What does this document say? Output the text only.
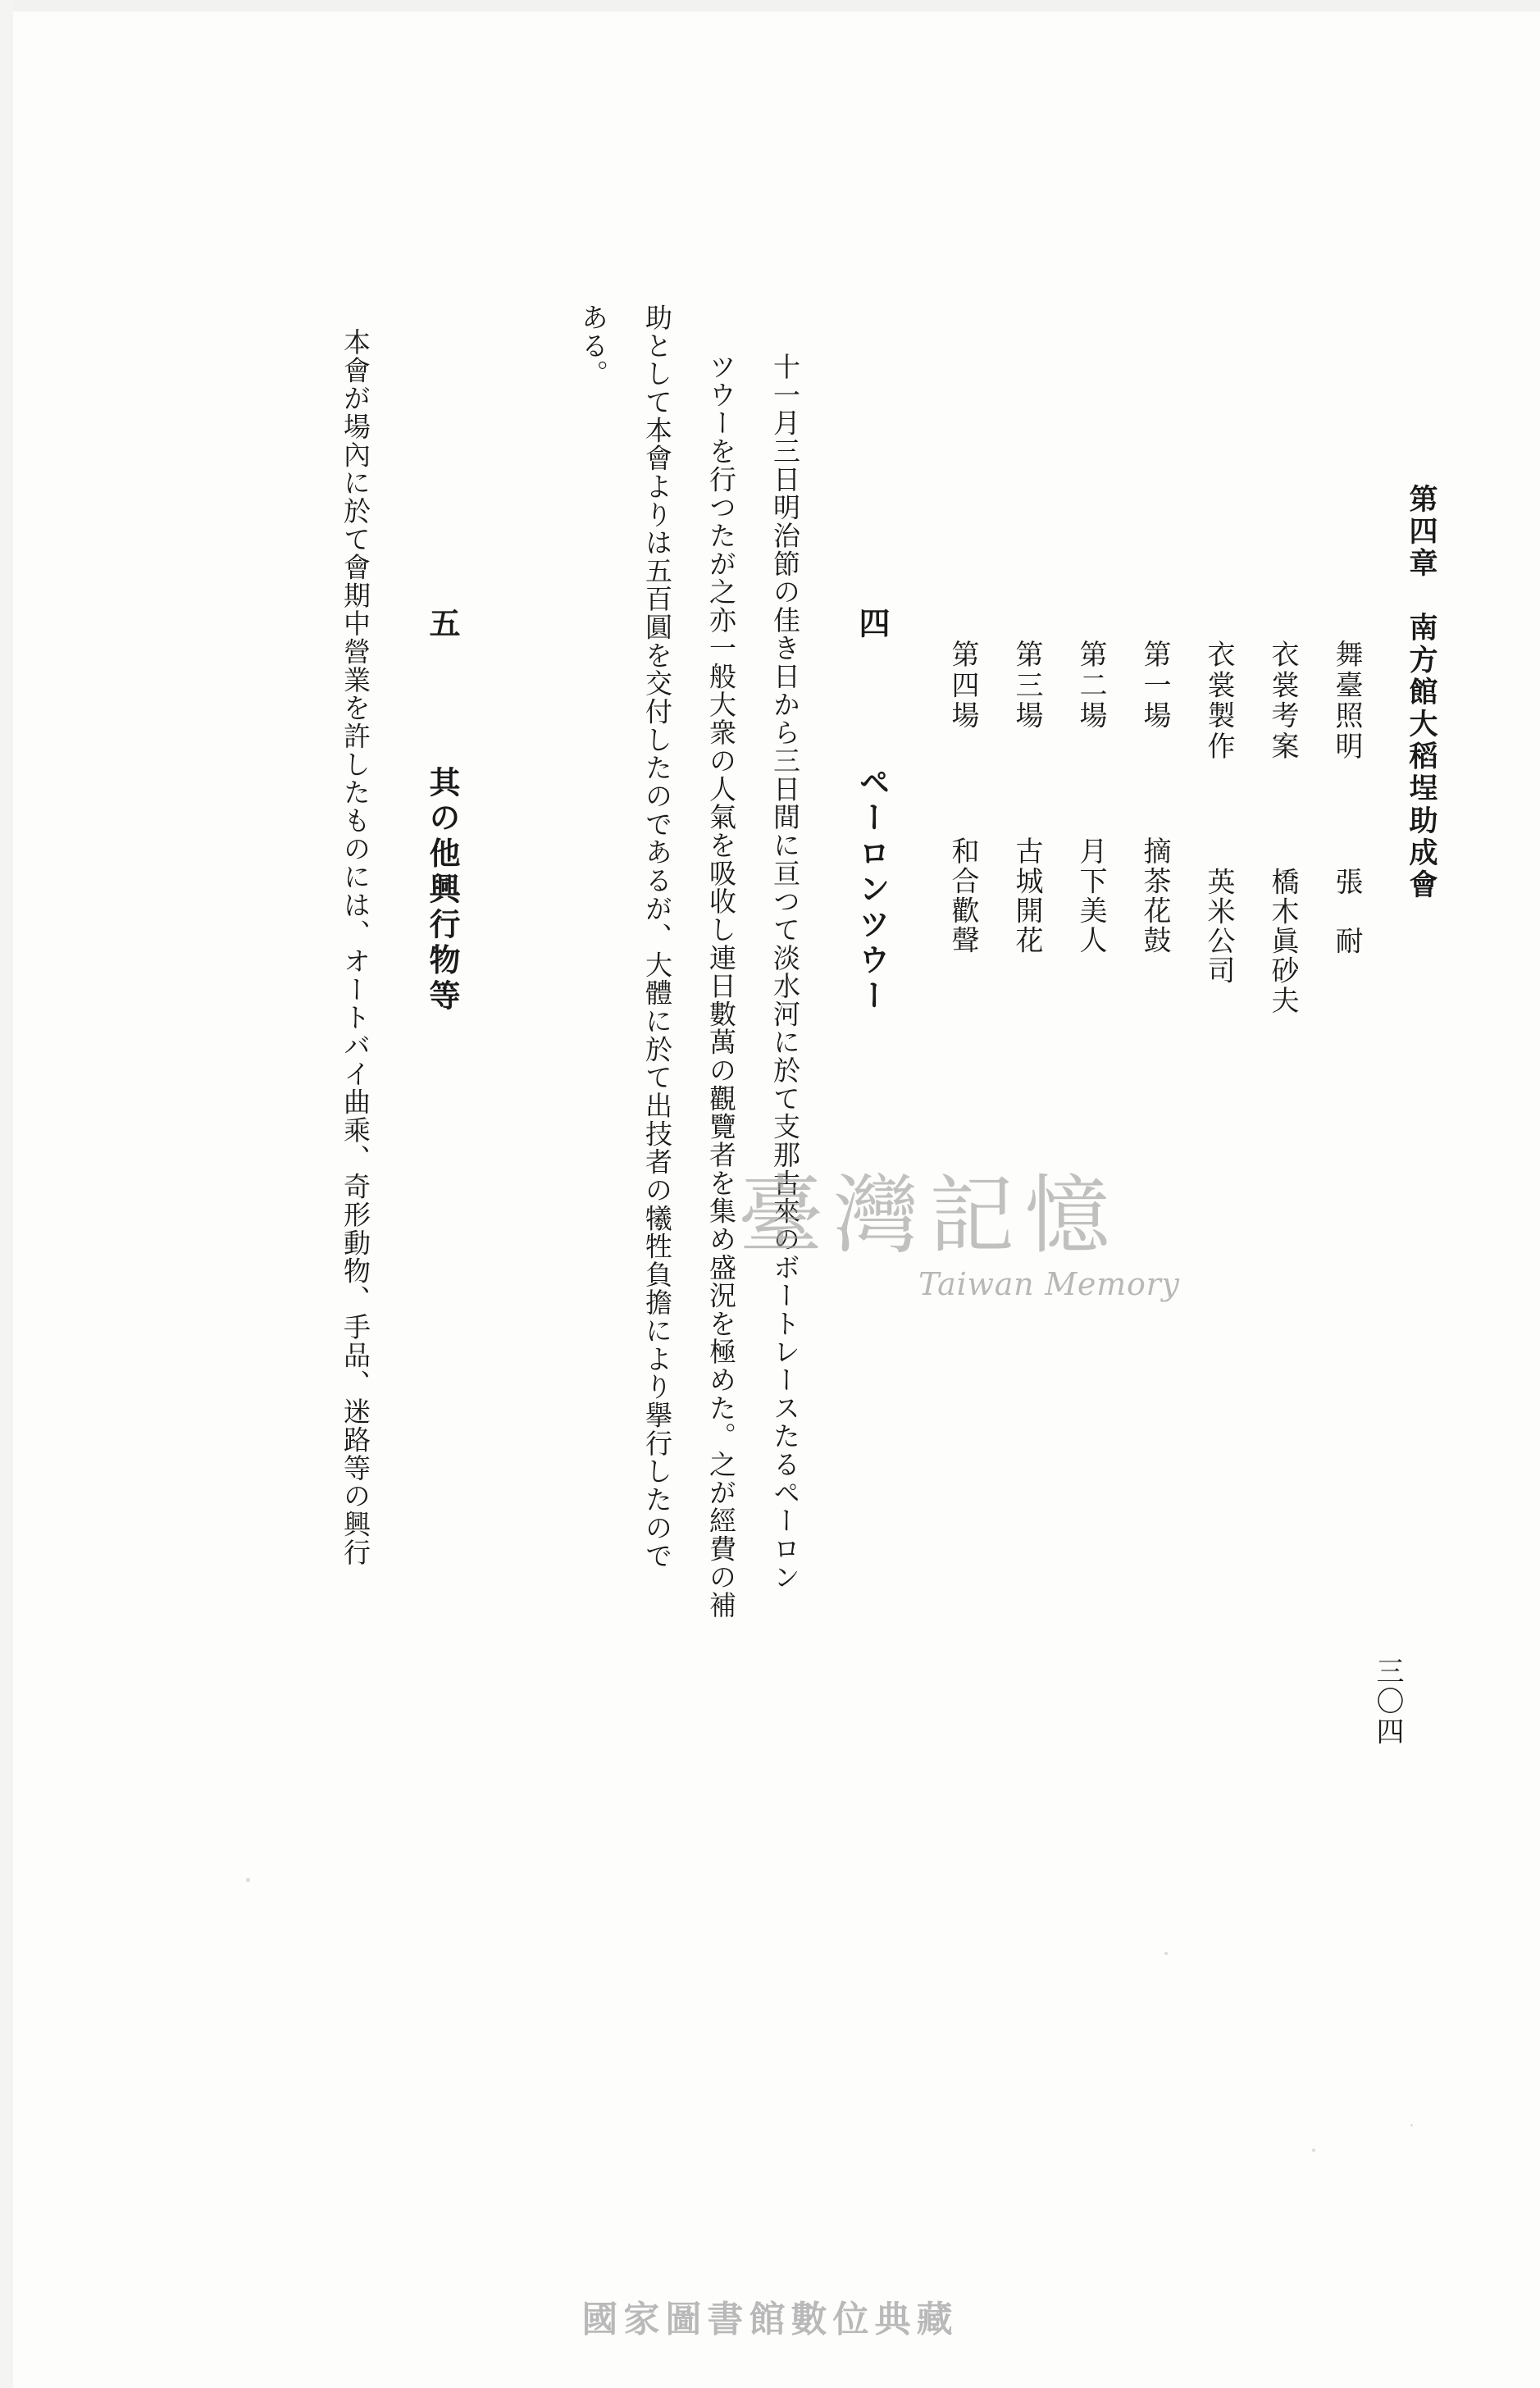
第四章　南方館大稻埕助成會
舞臺照明  張　耐
衣裳考案  橋木眞砂夫
衣裳製作  英米公司
第一場  摘茶花鼓
第二場  月下美人
第三場  古城開花
第四場  和合歡聲
四  ペーロンツウー
十一月三日明治節の佳き日から三日間に亘つて淡水河に於て支那古來のボートレースたるペーロン
ツウーを行つたが之亦一般大衆の人氣を吸收し連日數萬の觀覽者を集め盛況を極めた。之が經費の補
助として本會よりは五百圓を交付したのであるが、大體に於て出技者の犧牲負擔により擧行したので
ある。
五  其の他興行物等
本會が場內に於て會期中營業を許したものには、オートバイ曲乘、奇形動物、手品、迷路等の興行
三〇四
臺灣記憶
Taiwan Memory
國家圖書館數位典藏
